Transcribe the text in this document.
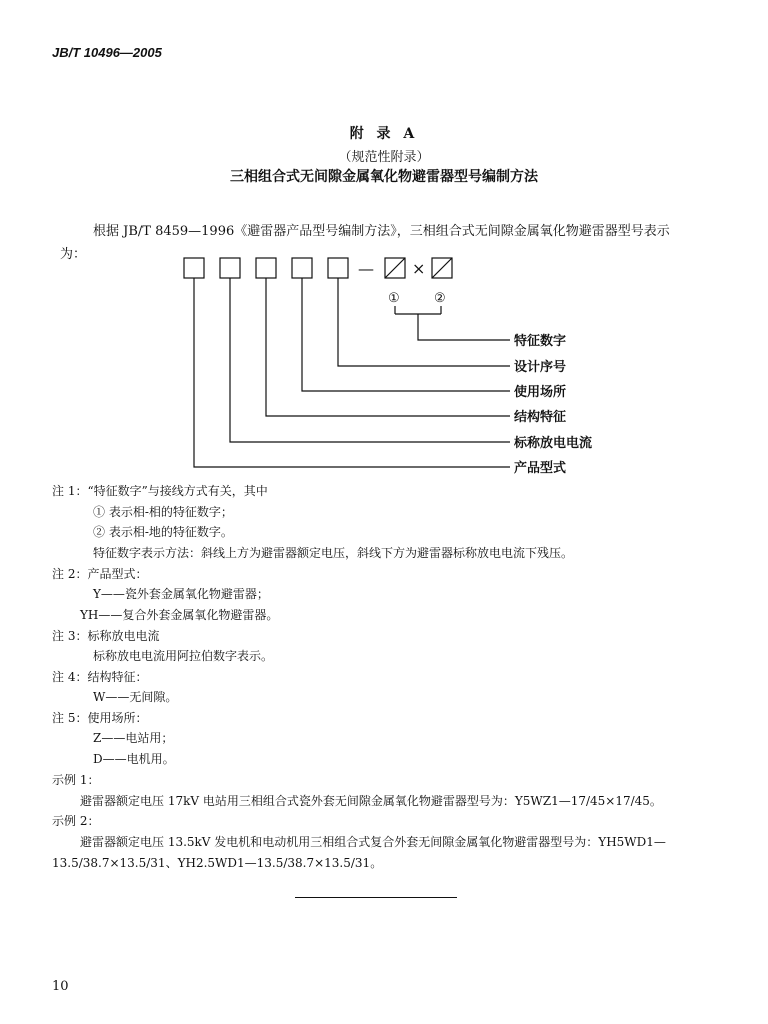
JB/T 10496—2005
附 录 A
（规范性附录）
三相组合式无间隙金属氧化物避雷器型号编制方法
根据 JB/T 8459—1996《避雷器产品型号编制方法》，三相组合式无间隙金属氧化物避雷器型号表示
为：
— ×
①	②
特征数字
设计序号
使用场所
结构特征
标称放电电流
产品型式
注 1：“特征数字”与接线方式有关，其中
① 表示相-相的特征数字；
② 表示相-地的特征数字。
特征数字表示方法：斜线上方为避雷器额定电压，斜线下方为避雷器标称放电电流下残压。
注 2：产品型式：
Y——瓷外套金属氧化物避雷器；
YH——复合外套金属氧化物避雷器。
注 3：标称放电电流
标称放电电流用阿拉伯数字表示。
注 4：结构特征：
W——无间隙。
注 5：使用场所：
Z——电站用；
D——电机用。
示例 1：
避雷器额定电压 17kV 电站用三相组合式瓷外套无间隙金属氧化物避雷器型号为：Y5WZ1—17/45×17/45。
示例 2：
避雷器额定电压 13.5kV 发电机和电动机用三相组合式复合外套无间隙金属氧化物避雷器型号为：YH5WD1—
13.5/38.7×13.5/31、YH2.5WD1—13.5/38.7×13.5/31。
10
